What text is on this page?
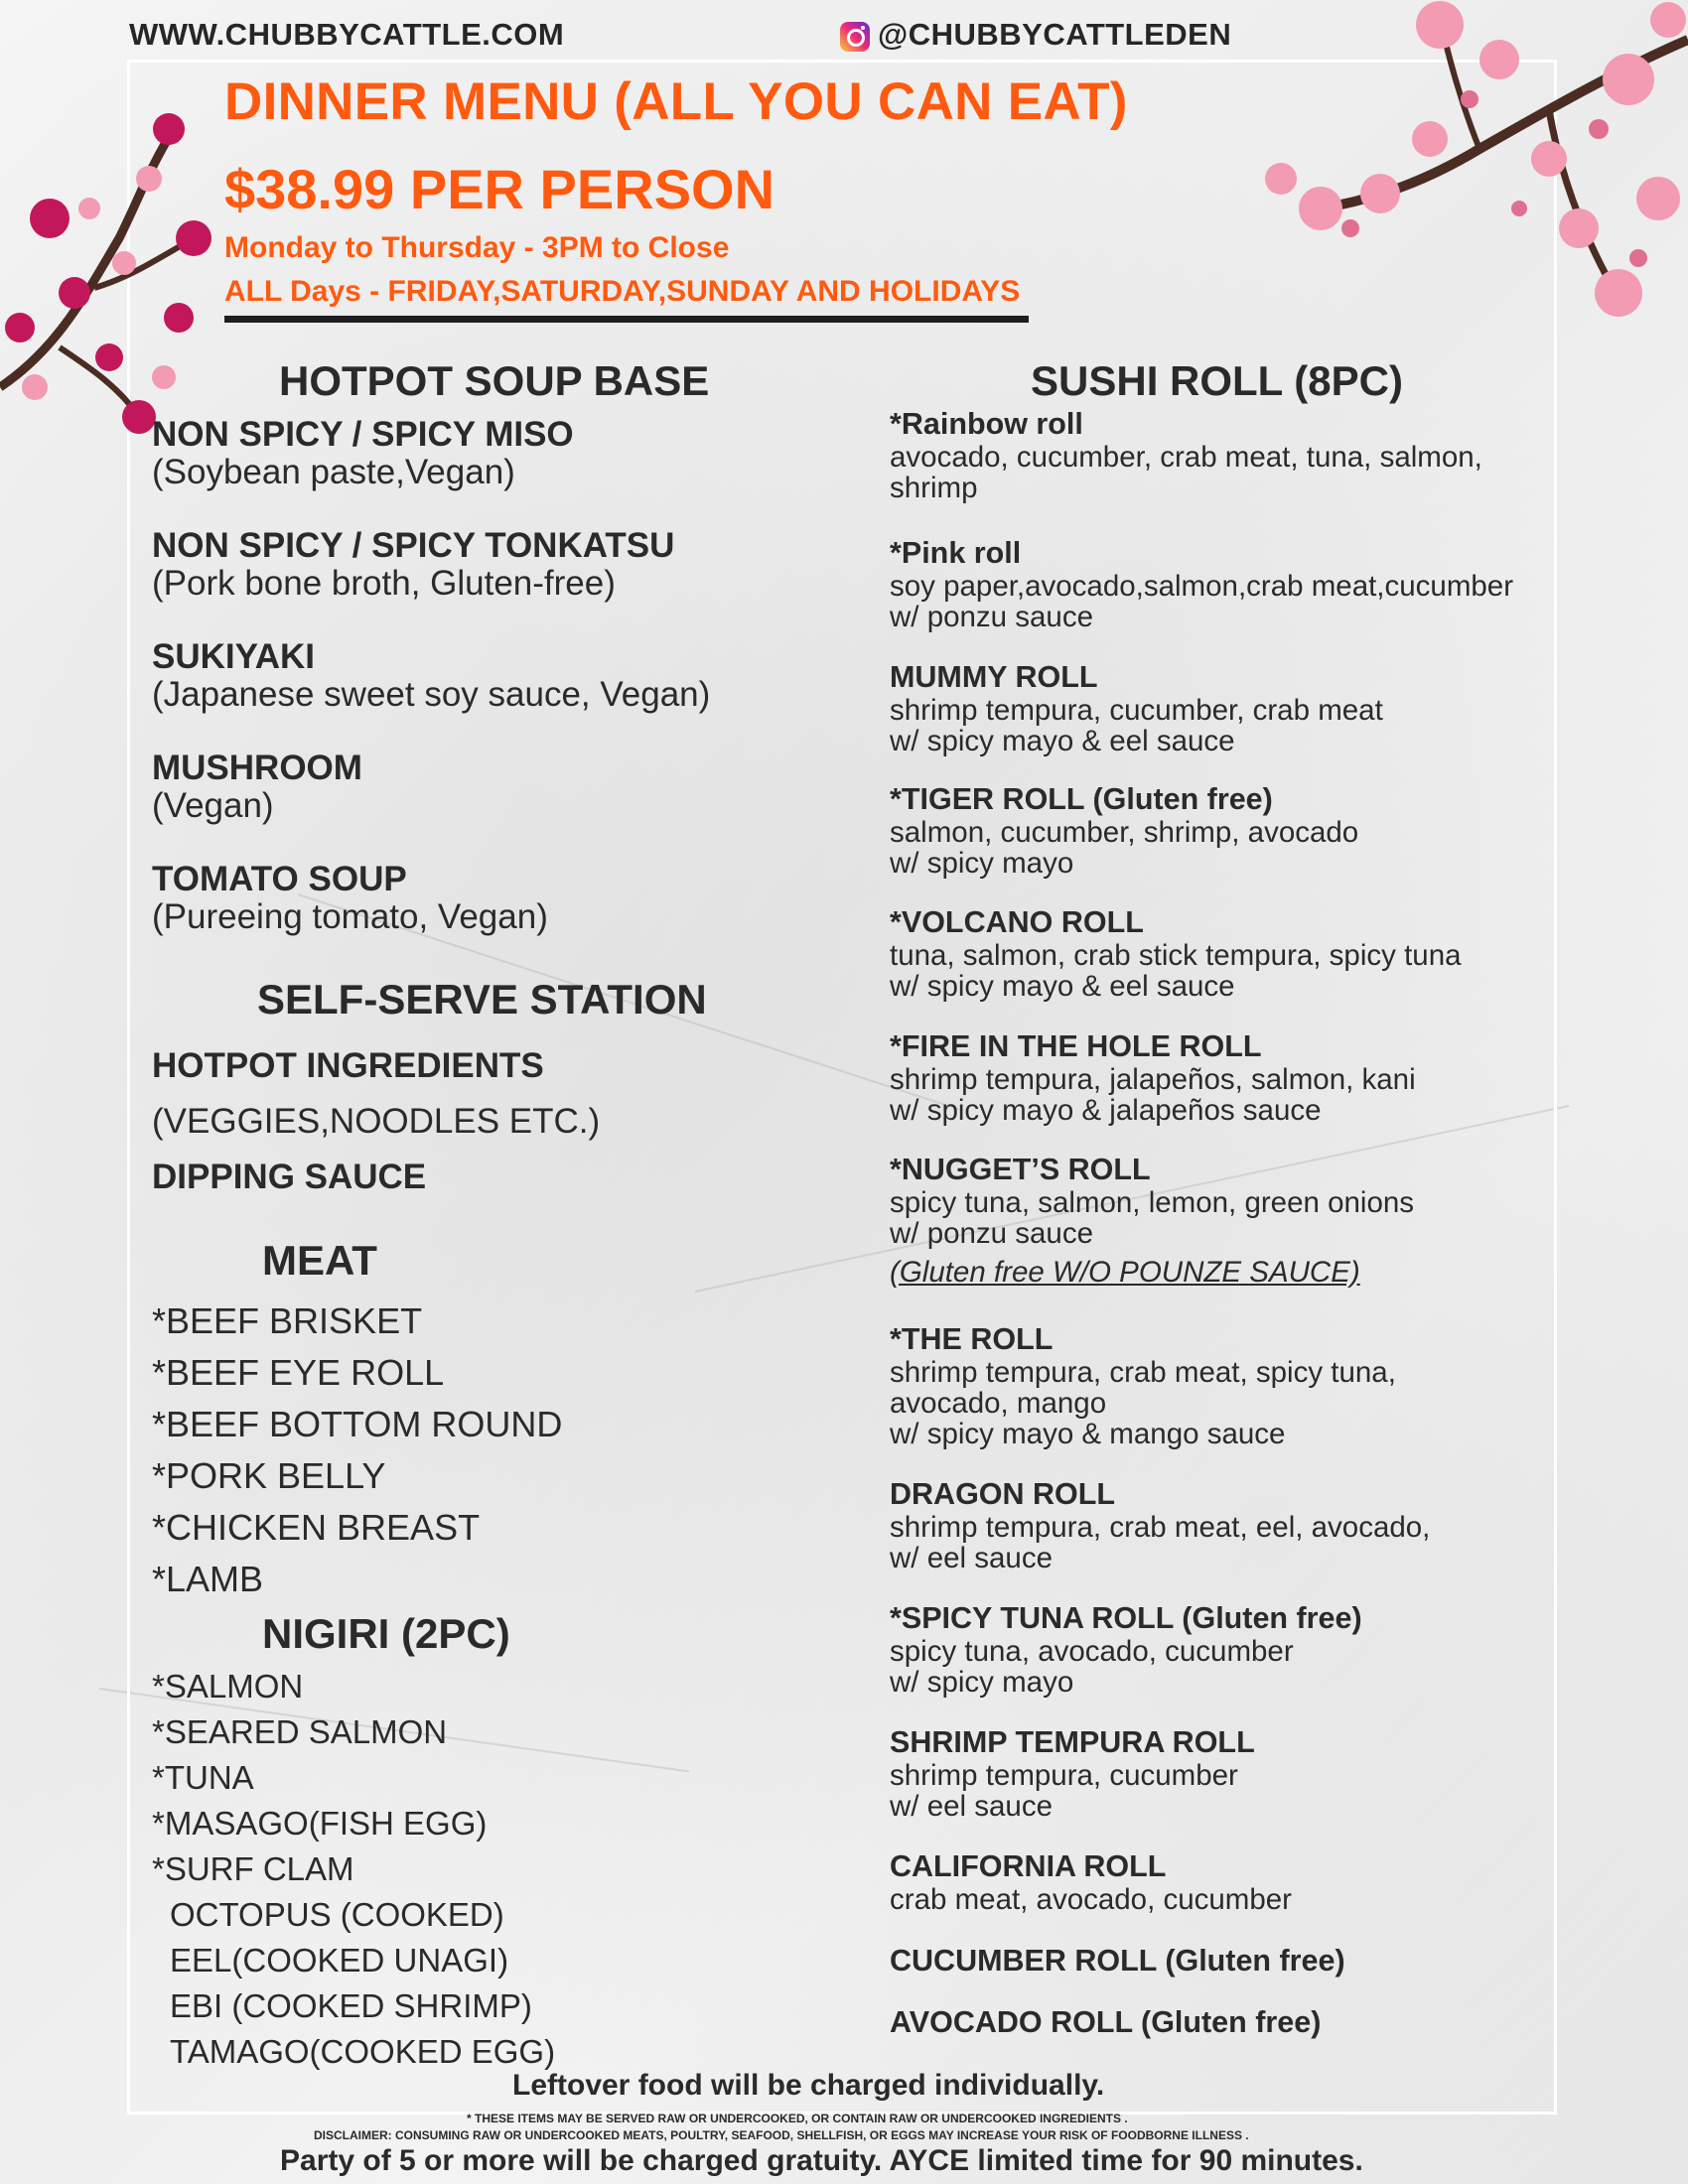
WWW.CHUBBYCATTLE.COM	@CHUBBYCATTLEDEN
DINNER MENU (ALL YOU CAN EAT)
$38.99 PER PERSON
Monday to Thursday - 3PM to Close
ALL Days - FRIDAY,SATURDAY,SUNDAY AND HOLIDAYS
HOTPOT SOUP BASE
NON SPICY / SPICY MISO
(Soybean paste,Vegan)
NON SPICY / SPICY TONKATSU
(Pork bone broth, Gluten-free)
SUKIYAKI
(Japanese sweet soy sauce, Vegan)
MUSHROOM
(Vegan)
TOMATO SOUP
(Pureeing tomato, Vegan)
SELF-SERVE STATION
HOTPOT INGREDIENTS
(VEGGIES,NOODLES ETC.)
DIPPING SAUCE
MEAT
*BEEF BRISKET
*BEEF EYE ROLL
*BEEF BOTTOM ROUND
*PORK BELLY
*CHICKEN BREAST
*LAMB
NIGIRI (2PC)
*SALMON
*SEARED SALMON
*TUNA
*MASAGO(FISH EGG)
*SURF CLAM
OCTOPUS (COOKED)
EEL(COOKED UNAGI)
EBI (COOKED SHRIMP)
TAMAGO(COOKED EGG)
SUSHI ROLL (8PC)
*Rainbow roll
avocado, cucumber, crab meat, tuna, salmon,
shrimp
*Pink roll
soy paper,avocado,salmon,crab meat,cucumber
w/ ponzu sauce
MUMMY ROLL
shrimp tempura, cucumber, crab meat
w/ spicy mayo & eel sauce
*TIGER ROLL (Gluten free)
salmon, cucumber, shrimp, avocado
w/ spicy mayo
*VOLCANO ROLL
tuna, salmon, crab stick tempura, spicy tuna
w/ spicy mayo & eel sauce
*FIRE IN THE HOLE ROLL
shrimp tempura, jalapeños, salmon, kani
w/ spicy mayo & jalapeños sauce
*NUGGET’S ROLL
spicy tuna, salmon, lemon, green onions
w/ ponzu sauce
(Gluten free W/O POUNZE SAUCE)
*THE ROLL
shrimp tempura, crab meat, spicy tuna,
avocado, mango
w/ spicy mayo & mango sauce
DRAGON ROLL
shrimp tempura, crab meat, eel, avocado,
w/ eel sauce
*SPICY TUNA ROLL (Gluten free)
spicy tuna, avocado, cucumber
w/ spicy mayo
SHRIMP TEMPURA ROLL
shrimp tempura, cucumber
w/ eel sauce
CALIFORNIA ROLL
crab meat, avocado, cucumber
CUCUMBER ROLL (Gluten free)
AVOCADO ROLL (Gluten free)
Leftover food will be charged individually.
* THESE ITEMS MAY BE SERVED RAW OR UNDERCOOKED, OR CONTAIN RAW OR UNDERCOOKED INGREDIENTS .
DISCLAIMER: CONSUMING RAW OR UNDERCOOKED MEATS, POULTRY, SEAFOOD, SHELLFISH, OR EGGS MAY INCREASE YOUR RISK OF FOODBORNE ILLNESS .
Party of 5 or more will be charged gratuity. AYCE limited time for 90 minutes.
